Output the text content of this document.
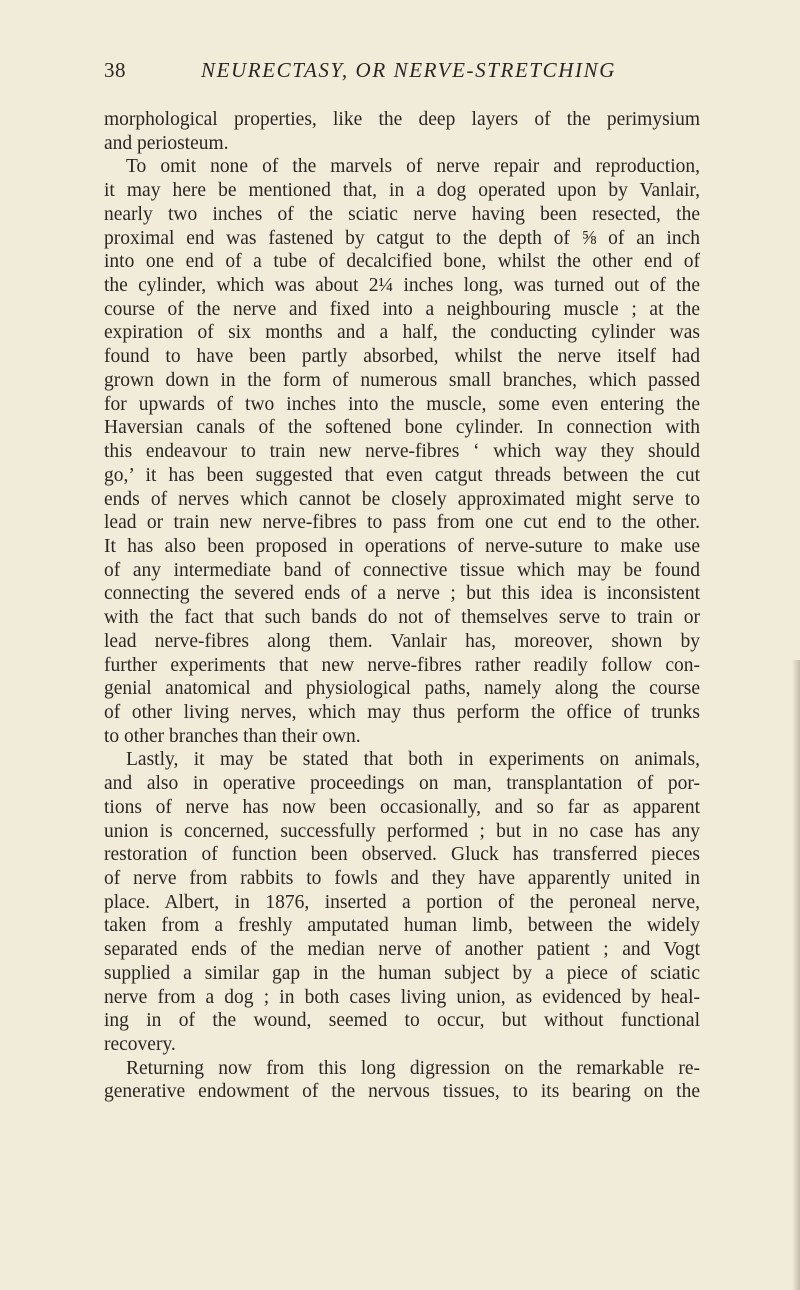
38	NEURECTASY, OR NERVE-STRETCHING
morphological properties, like the deep layers of the perimysium
and periosteum.
To omit none of the marvels of nerve repair and reproduction,
it may here be mentioned that, in a dog operated upon by Vanlair,
nearly two inches of the sciatic nerve having been resected, the
proximal end was fastened by catgut to the depth of ⅝ of an inch
into one end of a tube of decalcified bone, whilst the other end of
the cylinder, which was about 2¼ inches long, was turned out of the
course of the nerve and fixed into a neighbouring muscle ; at the
expiration of six months and a half, the conducting cylinder was
found to have been partly absorbed, whilst the nerve itself had
grown down in the form of numerous small branches, which passed
for upwards of two inches into the muscle, some even entering the
Haversian canals of the softened bone cylinder. In connection with
this endeavour to train new nerve-fibres ‘ which way they should
go,’ it has been suggested that even catgut threads between the cut
ends of nerves which cannot be closely approximated might serve to
lead or train new nerve-fibres to pass from one cut end to the other.
It has also been proposed in operations of nerve-suture to make use
of any intermediate band of connective tissue which may be found
connecting the severed ends of a nerve ; but this idea is inconsistent
with the fact that such bands do not of themselves serve to train or
lead nerve-fibres along them. Vanlair has, moreover, shown by
further experiments that new nerve-fibres rather readily follow con-
genial anatomical and physiological paths, namely along the course
of other living nerves, which may thus perform the office of trunks
to other branches than their own.
Lastly, it may be stated that both in experiments on animals,
and also in operative proceedings on man, transplantation of por-
tions of nerve has now been occasionally, and so far as apparent
union is concerned, successfully performed ; but in no case has any
restoration of function been observed. Gluck has transferred pieces
of nerve from rabbits to fowls and they have apparently united in
place. Albert, in 1876, inserted a portion of the peroneal nerve,
taken from a freshly amputated human limb, between the widely
separated ends of the median nerve of another patient ; and Vogt
supplied a similar gap in the human subject by a piece of sciatic
nerve from a dog ; in both cases living union, as evidenced by heal-
ing in of the wound, seemed to occur, but without functional
recovery.
Returning now from this long digression on the remarkable re-
generative endowment of the nervous tissues, to its bearing on the
